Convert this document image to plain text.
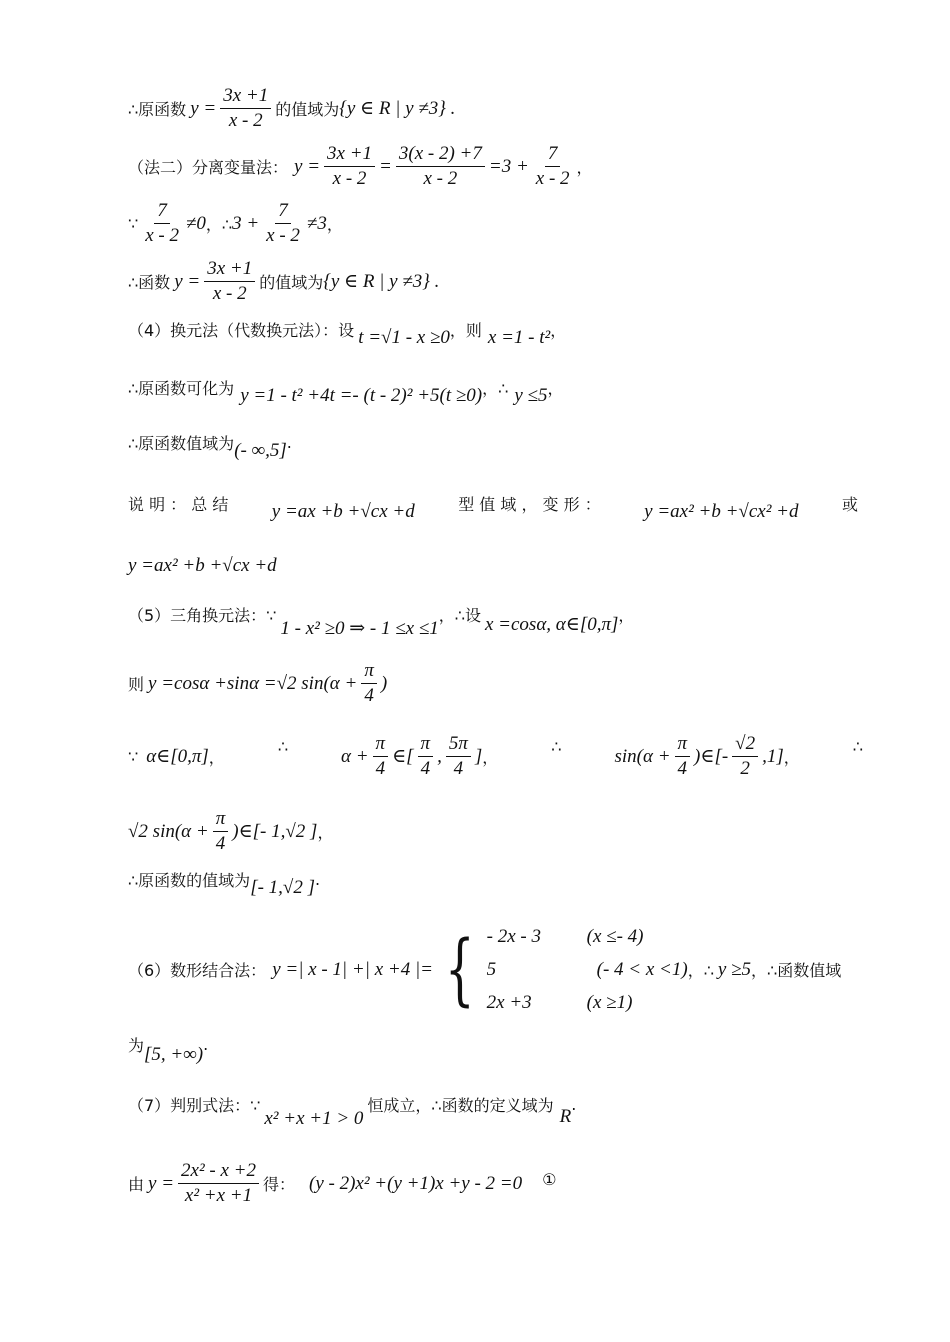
∴原函数 $y = \frac{3x +1}{x - 2}$ 的值域为 {y ∈ R | y ≠3} .
（法二）分离变量法： $y = \frac{3x +1}{x - 2} = \frac{3(x - 2) +7}{x - 2} =3 + \frac{7}{x - 2}$ ，
∵ $\frac{7}{x - 2} \ne 0$ ，∴ $3 + \frac{7}{x - 2} \ne 3$ ，
∴函数 $y = \frac{3x +1}{x - 2}$ 的值域为 {y ∈ R | y ≠3} .
（4）换元法（代数换元法）：设 t =√1 - x ≥0 ，则 x =1 - t² ，
∴原函数可化为 y =1 - t² +4t =- (t - 2)² +5(t ≥0) ，∴ y ≤5 ，
∴原函数值域为 (- ∞,5] .
说 明 ： 总 结 y =ax +b +√cx +d	型 值 域 ， 变 形 ： y =ax² +b +√cx² +d	或
y =ax² +b +√cx +d
（5）三角换元法：∵
1 - x² ≥0 ⇒ - 1 ≤x ≤1
，∴设 x =cosα, α∈[0,π] ，
则 y =cosα +sinα =√2 $\sin(\alpha + \frac{\pi}{4}$ )
∵ α∈[0,π] ，
∴	$\alpha + \frac{\pi}{4}$ ∈[ $\frac{\pi}{4}$ , $\frac{5\pi}{4}$ ] ，
∴	$\sin(\alpha + \frac{\pi}{4}$ )∈[- $\frac{√2}{2} ,1$] ，
∴
√2 $\sin(\alpha + \frac{\pi}{4}$ )∈[- 1,√2 ] ，
∴原函数的值域为 [- 1,√2 ] .
（6）数形结合法： y =| x - 1| +| x +4 |= { - 2x - 3	(x ≤- 4)
5	(- 4 < x <1)
2x +3	(x ≥1)
，∴ y ≥5 ，∴函数值域
为 [5, +∞) .
（7）判别式法：∵
x² +x +1 > 0
恒成立，∴函数的定义域为 R
.
由 $y = \frac{\text{2x² - x +2}}{\text{x² +x +1}}$ 得： (y - 2)x² +(y +1)x +y - 2 =0 ①
